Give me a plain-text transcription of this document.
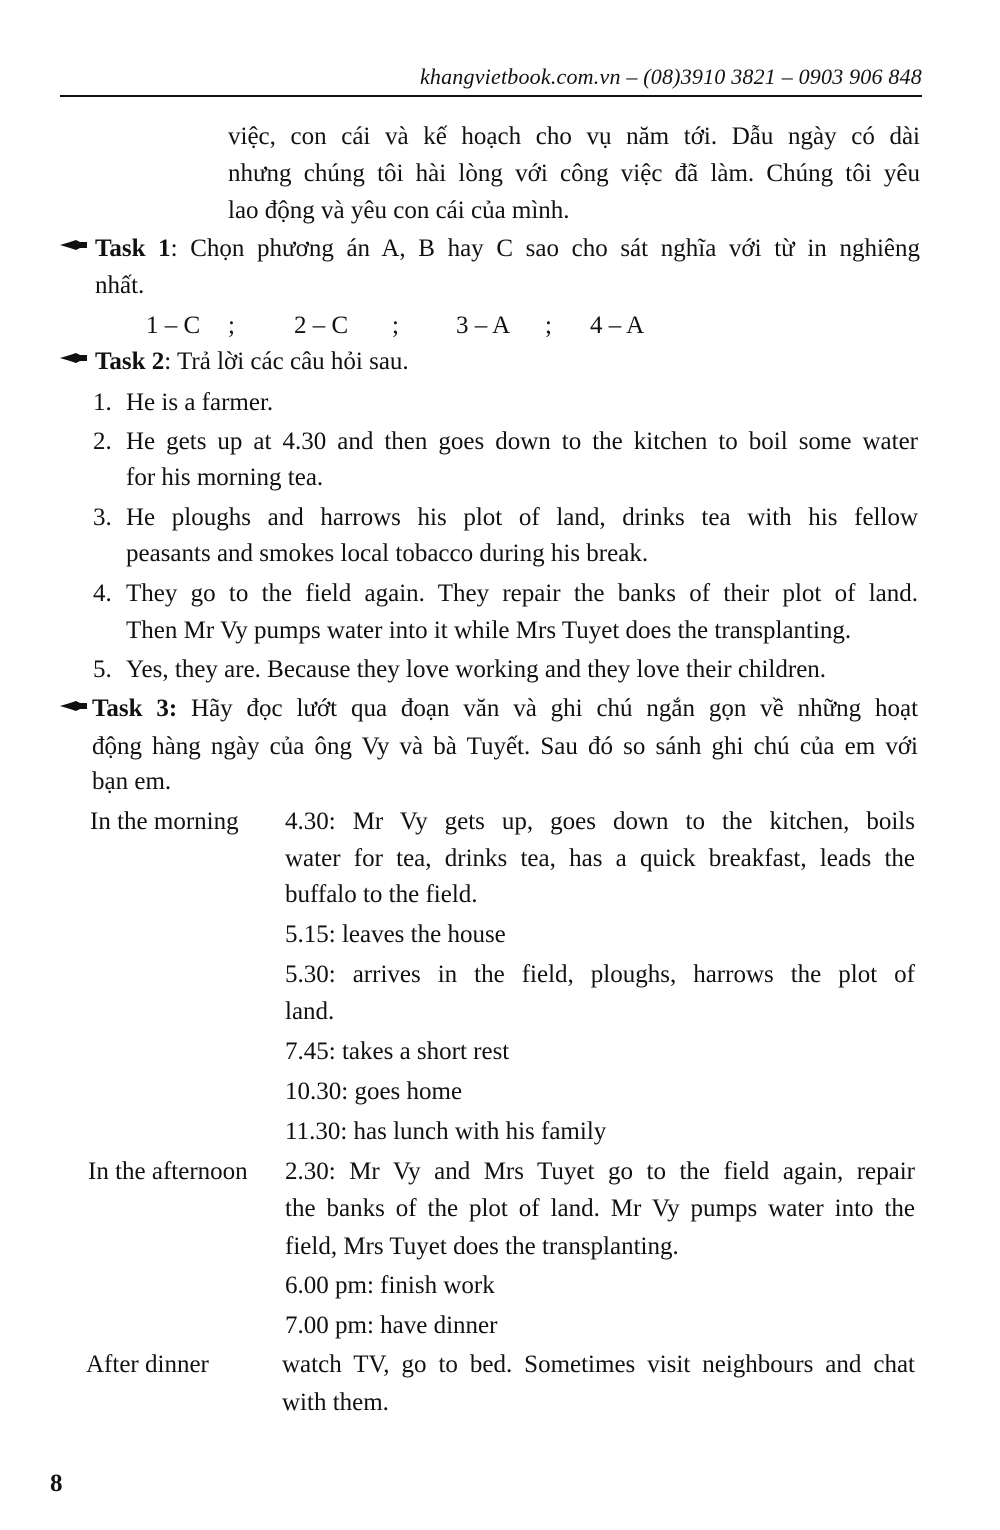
khangvietbook.com.vn – (08)3910 3821 – 0903 906 848
việc, con cái và kế hoạch cho vụ năm tới. Dẫu ngày có dài
nhưng chúng tôi hài lòng với công việc đã làm. Chúng tôi yêu
lao động và yêu con cái của mình.
Task 1: Chọn phương án A, B hay C sao cho sát nghĩa với từ in nghiêng
nhất.
1 – C ; 2 – C ; 3 – A ; 4 – A
Task 2: Trả lời các câu hỏi sau.
1. He is a farmer.
2. He gets up at 4.30 and then goes down to the kitchen to boil some water
for his morning tea.
3. He ploughs and harrows his plot of land, drinks tea with his fellow
peasants and smokes local tobacco during his break.
4. They go to the field again. They repair the banks of their plot of land.
Then Mr Vy pumps water into it while Mrs Tuyet does the transplanting.
5. Yes, they are. Because they love working and they love their children.
Task 3: Hãy đọc lướt qua đoạn văn và ghi chú ngắn gọn về những hoạt
động hàng ngày của ông Vy và bà Tuyết. Sau đó so sánh ghi chú của em với
bạn em.
In the morning 4.30: Mr Vy gets up, goes down to the kitchen, boils
water for tea, drinks tea, has a quick breakfast, leads the
buffalo to the field.
5.15: leaves the house
5.30: arrives in the field, ploughs, harrows the plot of
land.
7.45: takes a short rest
10.30: goes home
11.30: has lunch with his family
In the afternoon 2.30: Mr Vy and Mrs Tuyet go to the field again, repair
the banks of the plot of land. Mr Vy pumps water into the
field, Mrs Tuyet does the transplanting.
6.00 pm: finish work
7.00 pm: have dinner
After dinner	watch TV, go to bed. Sometimes visit neighbours and chat
with them.
8
